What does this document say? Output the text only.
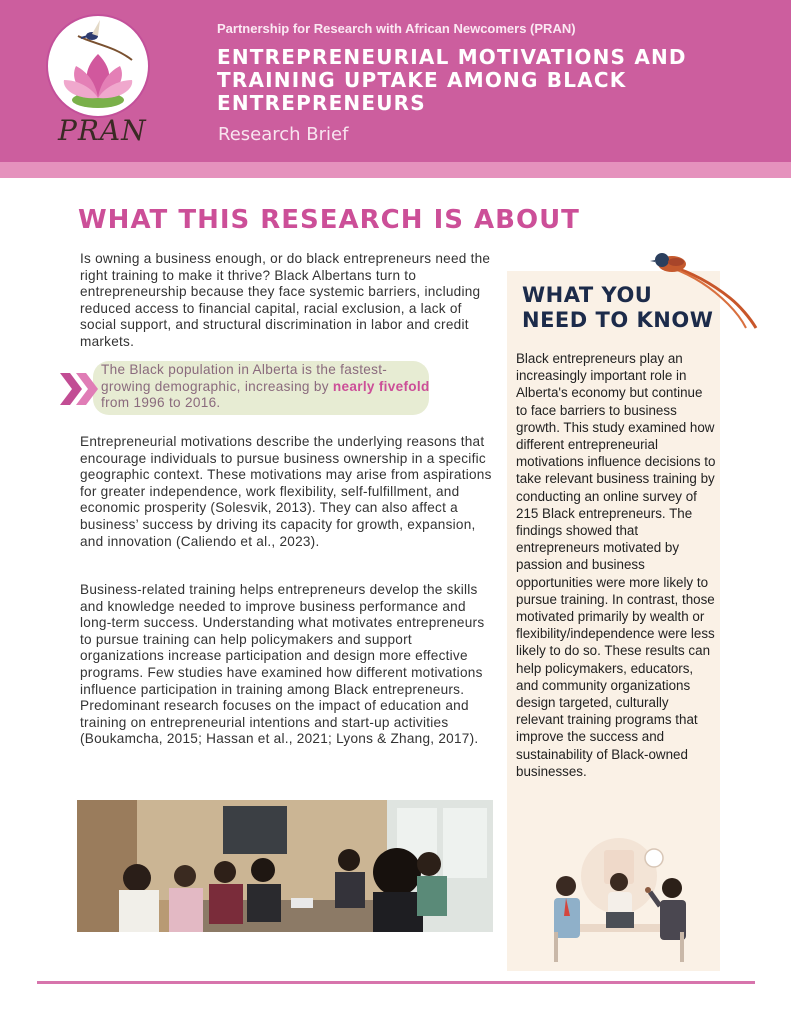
PRAN
Partnership for Research with African Newcomers (PRAN)
ENTREPRENEURIAL MOTIVATIONS AND TRAINING UPTAKE AMONG BLACK ENTREPRENEURS
Research Brief
WHAT THIS RESEARCH IS ABOUT
Is owning a business enough, or do black entrepreneurs need the right training to make it thrive? Black Albertans turn to entrepreneurship because they face systemic barriers, including reduced access to financial capital, racial exclusion, a lack of social support, and structural discrimination in labor and credit markets.
The Black population in Alberta is the fastest-growing demographic, increasing by nearly fivefold from 1996 to 2016.
Entrepreneurial motivations describe the underlying reasons that encourage individuals to pursue business ownership in a specific geographic context. These motivations may arise from aspirations for greater independence, work flexibility, self-fulfillment, and economic prosperity (Solesvik, 2013). They can also affect a business’ success by driving its capacity for growth, expansion, and innovation (Caliendo et al., 2023).
Business-related training helps entrepreneurs develop the skills and knowledge needed to improve business performance and long-term success. Understanding what motivates entrepreneurs to pursue training can help policymakers and support organizations increase participation and design more effective programs. Few studies have examined how different motivations influence participation in training among Black entrepreneurs. Predominant research focuses on the impact of education and training on entrepreneurial intentions and start-up activities (Boukamcha, 2015; Hassan et al., 2021; Lyons & Zhang, 2017).
WHAT YOU NEED TO KNOW
Black entrepreneurs play an increasingly important role in Alberta's economy but continue to face barriers to business growth. This study examined how different entrepreneurial motivations influence decisions to take relevant business training by conducting an online survey of 215 Black entrepreneurs. The findings showed that entrepreneurs motivated by passion and business opportunities were more likely to pursue training. In contrast, those motivated primarily by wealth or flexibility/independence were less likely to do so. These results can help policymakers, educators, and community organizations design targeted, culturally relevant training programs that improve the success and sustainability of Black-owned businesses.
